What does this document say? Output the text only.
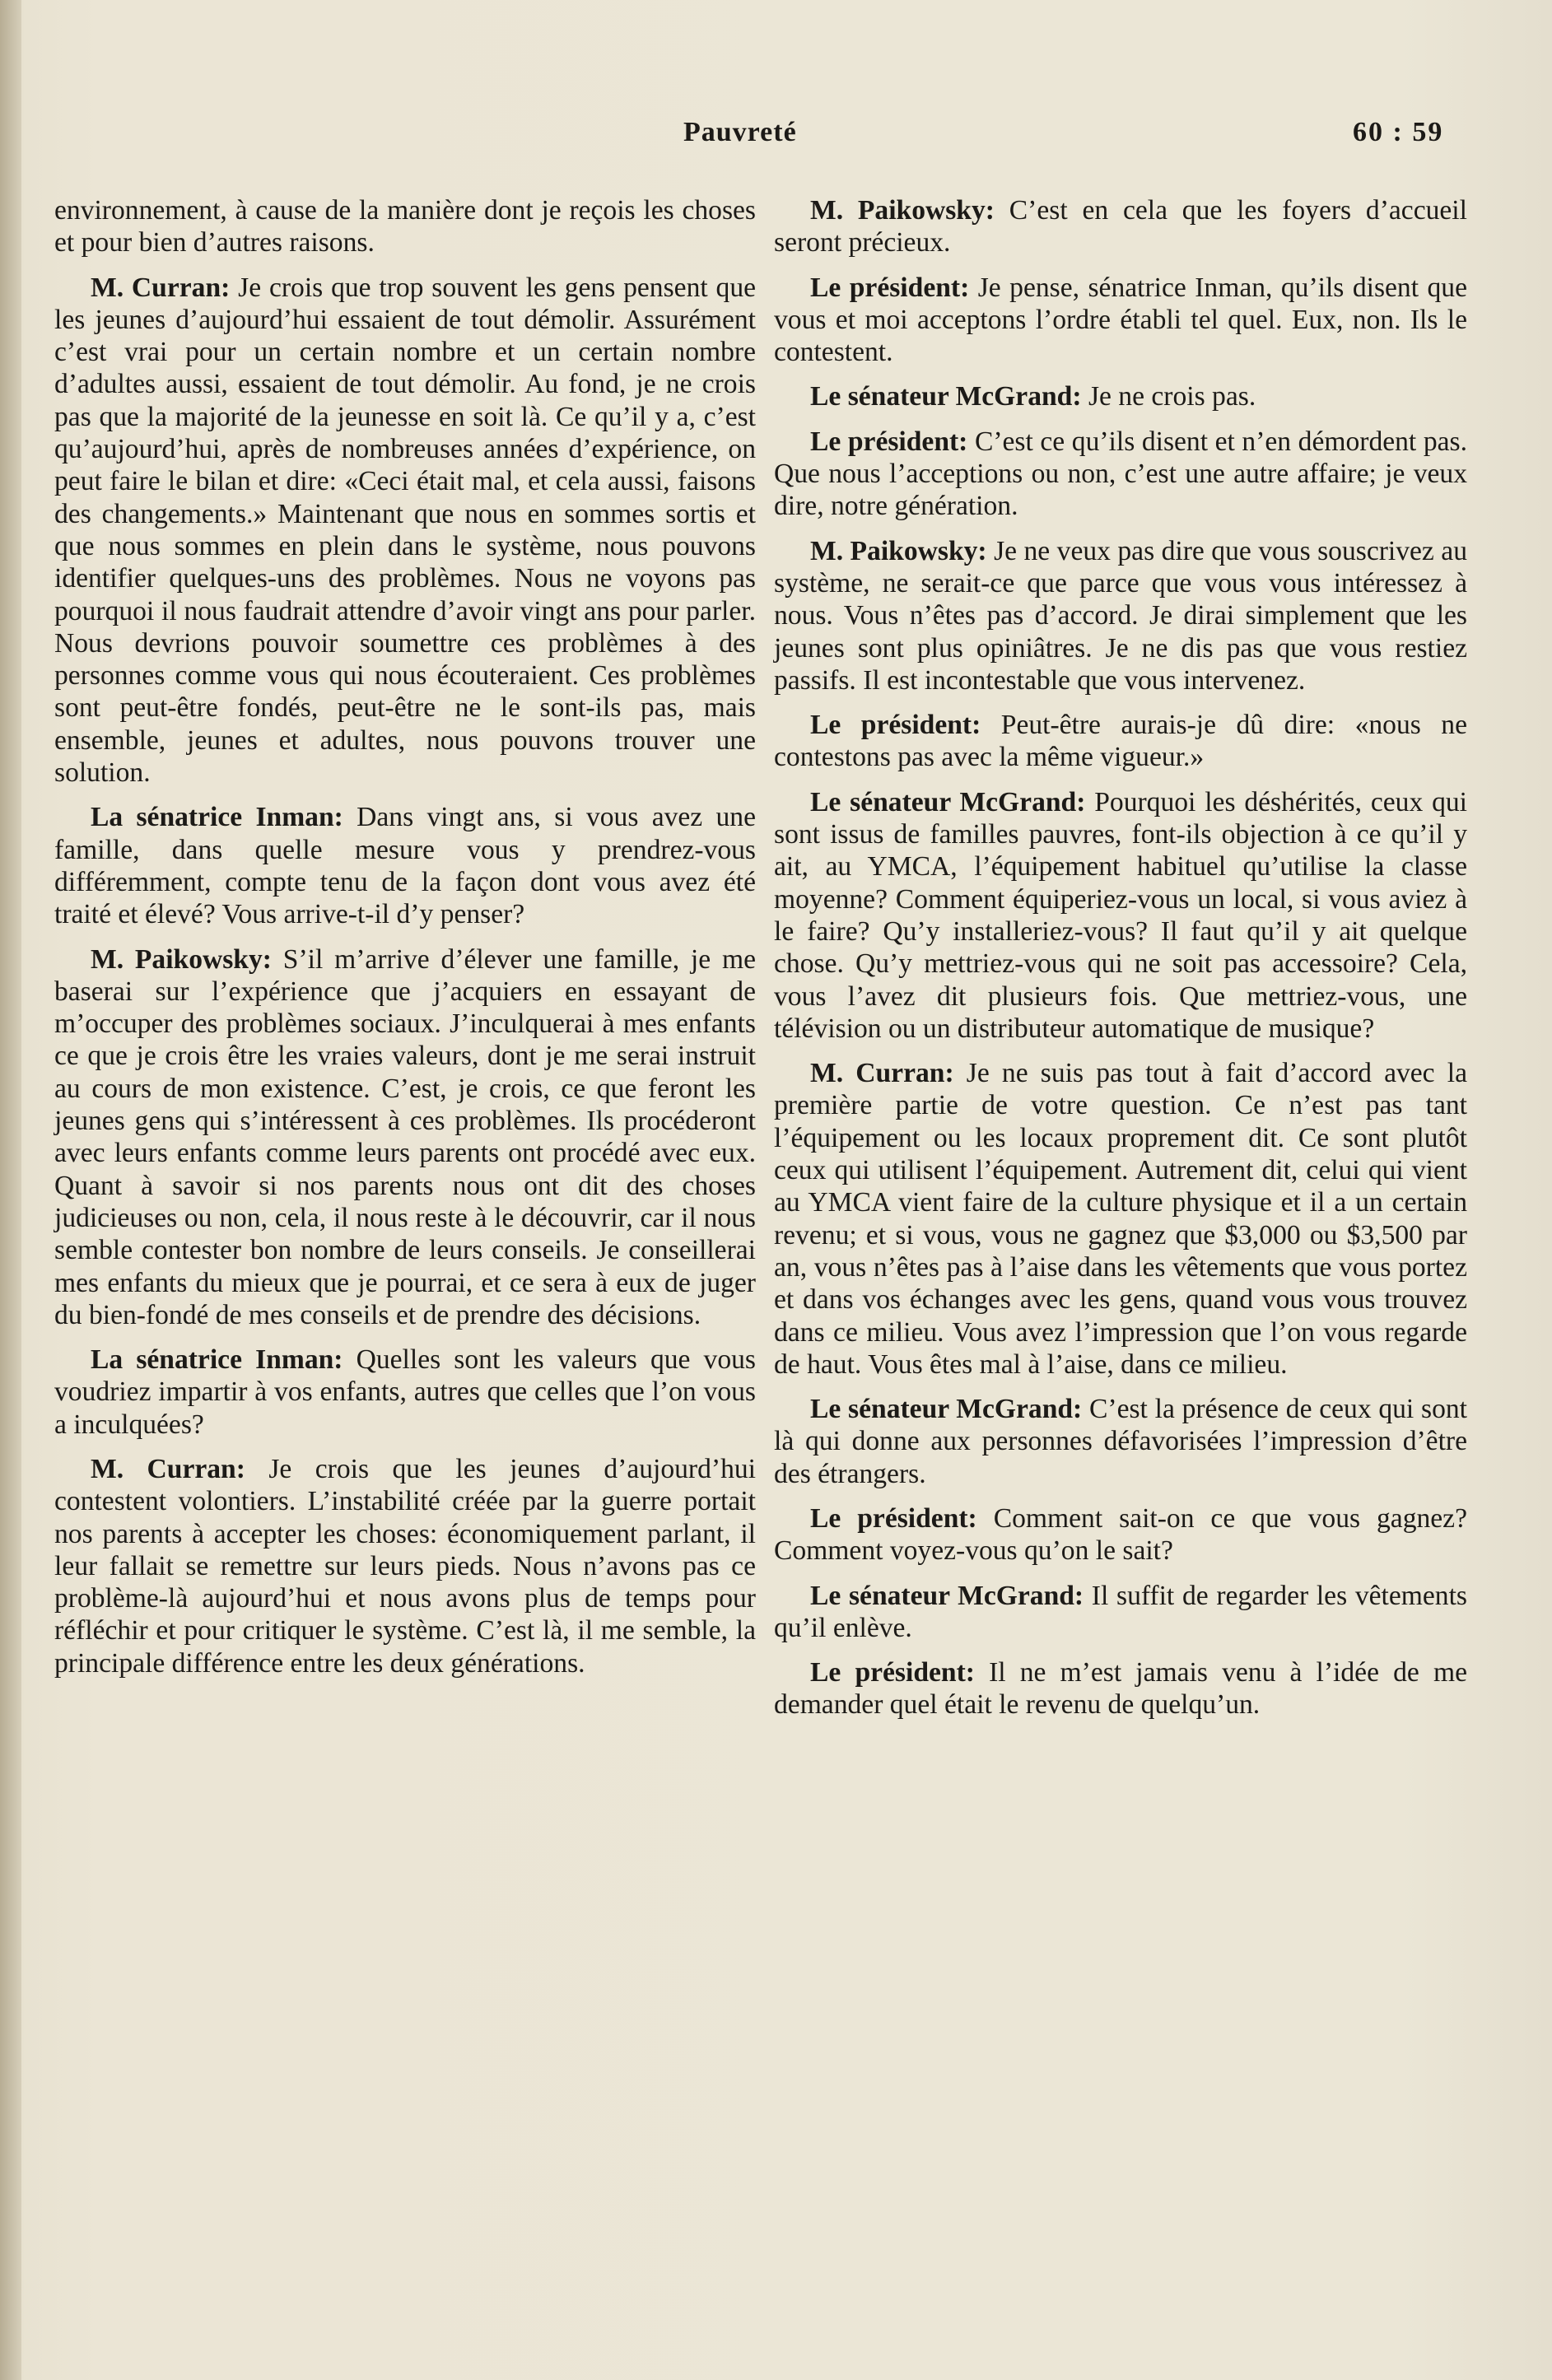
Pauvreté	60 : 59

environnement, à cause de la manière dont je reçois les choses et pour bien d’autres raisons.

M. Curran: Je crois que trop souvent les gens pensent que les jeunes d’aujourd’hui essaient de tout démolir. Assurément c’est vrai pour un certain nombre et un certain nombre d’adultes aussi, essaient de tout démolir. Au fond, je ne crois pas que la majorité de la jeunesse en soit là. Ce qu’il y a, c’est qu’aujourd’hui, après de nombreuses années d’expérience, on peut faire le bilan et dire: «Ceci était mal, et cela aussi, faisons des changements.» Maintenant que nous en sommes sortis et que nous sommes en plein dans le système, nous pouvons identifier quelques-uns des problèmes. Nous ne voyons pas pourquoi il nous faudrait attendre d’avoir vingt ans pour parler. Nous devrions pouvoir soumettre ces problèmes à des personnes comme vous qui nous écouteraient. Ces problèmes sont peut-être fondés, peut-être ne le sont-ils pas, mais ensemble, jeunes et adultes, nous pouvons trouver une solution.

La sénatrice Inman: Dans vingt ans, si vous avez une famille, dans quelle mesure vous y prendrez-vous différemment, compte tenu de la façon dont vous avez été traité et élevé? Vous arrive-t-il d’y penser?

M. Paikowsky: S’il m’arrive d’élever une famille, je me baserai sur l’expérience que j’acquiers en essayant de m’occuper des problèmes sociaux. J’inculquerai à mes enfants ce que je crois être les vraies valeurs, dont je me serai instruit au cours de mon existence. C’est, je crois, ce que feront les jeunes gens qui s’intéressent à ces problèmes. Ils procéderont avec leurs enfants comme leurs parents ont procédé avec eux. Quant à savoir si nos parents nous ont dit des choses judicieuses ou non, cela, il nous reste à le découvrir, car il nous semble contester bon nombre de leurs conseils. Je conseillerai mes enfants du mieux que je pourrai, et ce sera à eux de juger du bien-fondé de mes conseils et de prendre des décisions.

La sénatrice Inman: Quelles sont les valeurs que vous voudriez impartir à vos enfants, autres que celles que l’on vous a inculquées?

M. Curran: Je crois que les jeunes d’aujourd’hui contestent volontiers. L’instabilité créée par la guerre portait nos parents à accepter les choses: économiquement parlant, il leur fallait se remettre sur leurs pieds. Nous n’avons pas ce problème-là aujourd’hui et nous avons plus de temps pour réfléchir et pour critiquer le système. C’est là, il me semble, la principale différence entre les deux générations.

M. Paikowsky: C’est en cela que les foyers d’accueil seront précieux.

Le président: Je pense, sénatrice Inman, qu’ils disent que vous et moi acceptons l’ordre établi tel quel. Eux, non. Ils le contestent.

Le sénateur McGrand: Je ne crois pas.

Le président: C’est ce qu’ils disent et n’en démordent pas. Que nous l’acceptions ou non, c’est une autre affaire; je veux dire, notre génération.

M. Paikowsky: Je ne veux pas dire que vous souscrivez au système, ne serait-ce que parce que vous vous intéressez à nous. Vous n’êtes pas d’accord. Je dirai simplement que les jeunes sont plus opiniâtres. Je ne dis pas que vous restiez passifs. Il est incontestable que vous intervenez.

Le président: Peut-être aurais-je dû dire: «nous ne contestons pas avec la même vigueur.»

Le sénateur McGrand: Pourquoi les déshérités, ceux qui sont issus de familles pauvres, font-ils objection à ce qu’il y ait, au YMCA, l’équipement habituel qu’utilise la classe moyenne? Comment équiperiez-vous un local, si vous aviez à le faire? Qu’y installeriez-vous? Il faut qu’il y ait quelque chose. Qu’y mettriez-vous qui ne soit pas accessoire? Cela, vous l’avez dit plusieurs fois. Que mettriez-vous, une télévision ou un distributeur automatique de musique?

M. Curran: Je ne suis pas tout à fait d’accord avec la première partie de votre question. Ce n’est pas tant l’équipement ou les locaux proprement dit. Ce sont plutôt ceux qui utilisent l’équipement. Autrement dit, celui qui vient au YMCA vient faire de la culture physique et il a un certain revenu; et si vous, vous ne gagnez que $3,000 ou $3,500 par an, vous n’êtes pas à l’aise dans les vêtements que vous portez et dans vos échanges avec les gens, quand vous vous trouvez dans ce milieu. Vous avez l’impression que l’on vous regarde de haut. Vous êtes mal à l’aise, dans ce milieu.

Le sénateur McGrand: C’est la présence de ceux qui sont là qui donne aux personnes défavorisées l’impression d’être des étrangers.

Le président: Comment sait-on ce que vous gagnez? Comment voyez-vous qu’on le sait?

Le sénateur McGrand: Il suffit de regarder les vêtements qu’il enlève.

Le président: Il ne m’est jamais venu à l’idée de me demander quel était le revenu de quelqu’un.
